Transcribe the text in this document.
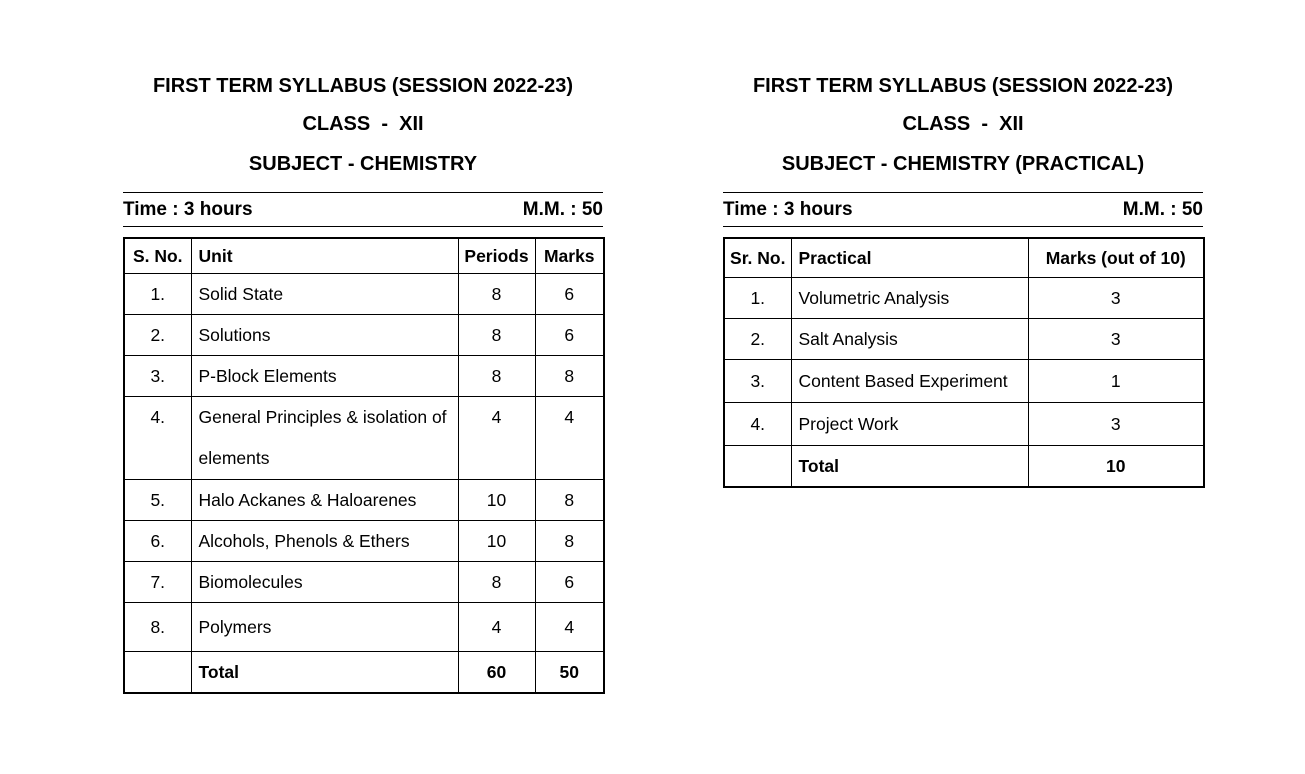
FIRST TERM SYLLABUS (SESSION 2022-23)
CLASS  -  XII
SUBJECT - CHEMISTRY
Time : 3 hours	M.M. : 50
S. No.	Unit	Periods	Marks
1.	Solid State	8	6
2.	Solutions	8	6
3.	P-Block Elements	8	8
4.	General Principles & isolation of elements	4	4
5.	Halo Ackanes & Haloarenes	10	8
6.	Alcohols, Phenols & Ethers	10	8
7.	Biomolecules	8	6
8.	Polymers	4	4
	Total	60	50
FIRST TERM SYLLABUS (SESSION 2022-23)
CLASS  -  XII
SUBJECT - CHEMISTRY (PRACTICAL)
Time : 3 hours	M.M. : 50
Sr. No.	Practical	Marks (out of 10)
1.	Volumetric Analysis	3
2.	Salt Analysis	3
3.	Content Based Experiment	1
4.	Project Work	3
	Total	10
